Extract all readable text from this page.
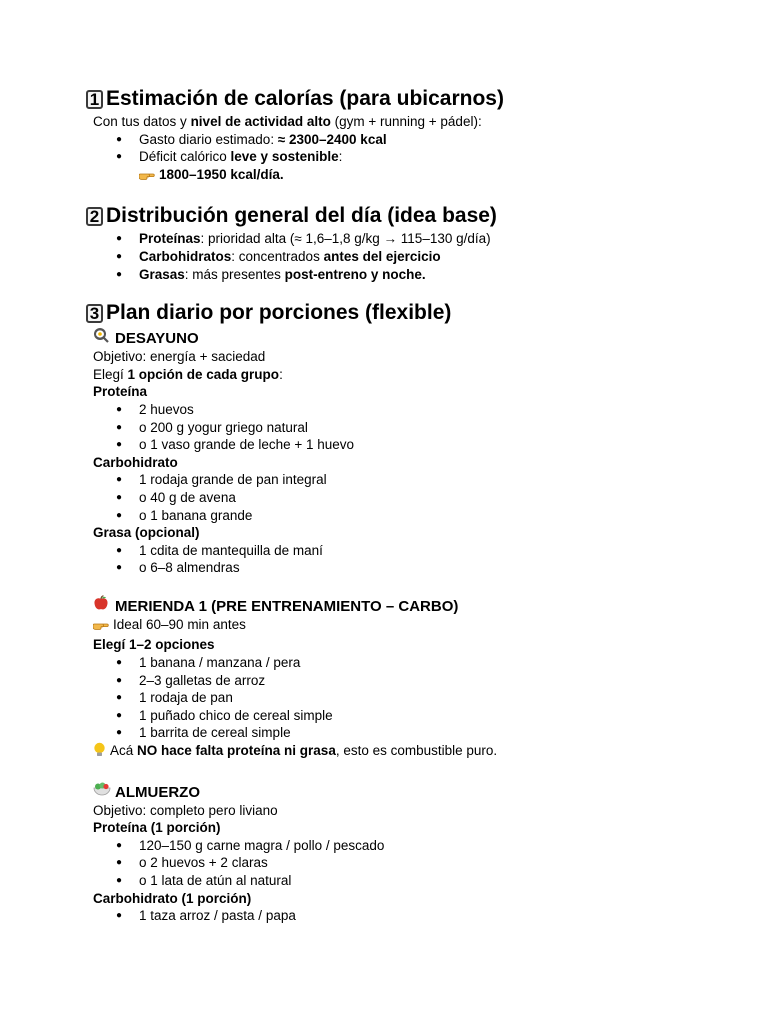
1 Estimación de calorías (para ubicarnos)
Con tus datos y nivel de actividad alto (gym + running + pádel):
● Gasto diario estimado: ≈ 2300–2400 kcal
● Déficit calórico leve y sostenible:
1800–1950 kcal/día.
2 Distribución general del día (idea base)
● Proteínas: prioridad alta (≈ 1,6–1,8 g/kg → 115–130 g/día)
● Carbohidratos: concentrados antes del ejercicio
● Grasas: más presentes post-entreno y noche.
3 Plan diario por porciones (flexible)
DESAYUNO
Objetivo: energía + saciedad
Elegí 1 opción de cada grupo:
Proteína
● 2 huevos
● o 200 g yogur griego natural
● o 1 vaso grande de leche + 1 huevo
Carbohidrato
● 1 rodaja grande de pan integral
● o 40 g de avena
● o 1 banana grande
Grasa (opcional)
● 1 cdita de mantequilla de maní
● o 6–8 almendras
MERIENDA 1 (PRE ENTRENAMIENTO – CARBO)
Ideal 60–90 min antes
Elegí 1–2 opciones
● 1 banana / manzana / pera
● 2–3 galletas de arroz
● 1 rodaja de pan
● 1 puñado chico de cereal simple
● 1 barrita de cereal simple
Acá NO hace falta proteína ni grasa, esto es combustible puro.
ALMUERZO
Objetivo: completo pero liviano
Proteína (1 porción)
● 120–150 g carne magra / pollo / pescado
● o 2 huevos + 2 claras
● o 1 lata de atún al natural
Carbohidrato (1 porción)
● 1 taza arroz / pasta / papa
